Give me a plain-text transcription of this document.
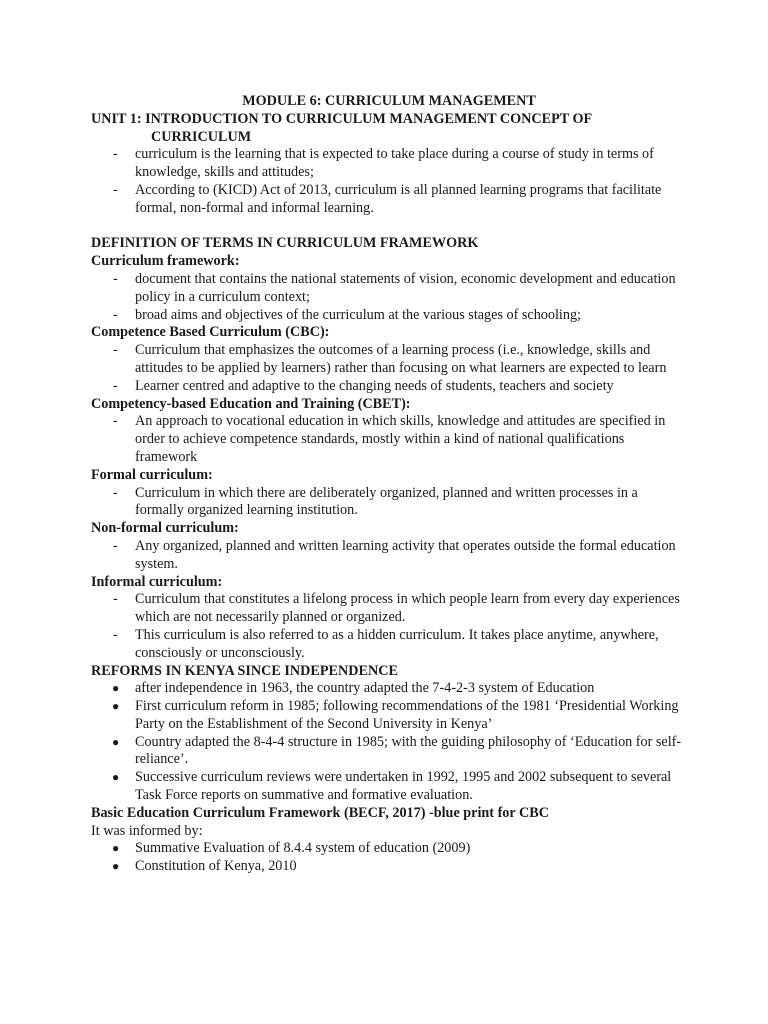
MODULE 6: CURRICULUM MANAGEMENT
UNIT 1: INTRODUCTION TO CURRICULUM MANAGEMENT CONCEPT OF
CURRICULUM
- curriculum is the learning that is expected to take place during a course of study in terms of knowledge, skills and attitudes;
- According to (KICD) Act of 2013, curriculum is all planned learning programs that facilitate formal, non-formal and informal learning.
DEFINITION OF TERMS IN CURRICULUM FRAMEWORK
Curriculum framework:
- document that contains the national statements of vision, economic development and education policy in a curriculum context;
- broad aims and objectives of the curriculum at the various stages of schooling;
Competence Based Curriculum (CBC):
- Curriculum that emphasizes the outcomes of a learning process (i.e., knowledge, skills and attitudes to be applied by learners) rather than focusing on what learners are expected to learn
- Learner centred and adaptive to the changing needs of students, teachers and society
Competency-based Education and Training (CBET):
- An approach to vocational education in which skills, knowledge and attitudes are specified in order to achieve competence standards, mostly within a kind of national qualifications framework
Formal curriculum:
- Curriculum in which there are deliberately organized, planned and written processes in a formally organized learning institution.
Non-formal curriculum:
- Any organized, planned and written learning activity that operates outside the formal education system.
Informal curriculum:
- Curriculum that constitutes a lifelong process in which people learn from every day experiences which are not necessarily planned or organized.
- This curriculum is also referred to as a hidden curriculum. It takes place anytime, anywhere, consciously or unconsciously.
REFORMS IN KENYA SINCE INDEPENDENCE
● after independence in 1963, the country adapted the 7-4-2-3 system of Education
● First curriculum reform in 1985; following recommendations of the 1981 ‘Presidential Working Party on the Establishment of the Second University in Kenya’
● Country adapted the 8-4-4 structure in 1985; with the guiding philosophy of ‘Education for self-reliance’.
● Successive curriculum reviews were undertaken in 1992, 1995 and 2002 subsequent to several Task Force reports on summative and formative evaluation.
Basic Education Curriculum Framework (BECF, 2017) -blue print for CBC
It was informed by:
● Summative Evaluation of 8.4.4 system of education (2009)
● Constitution of Kenya, 2010
